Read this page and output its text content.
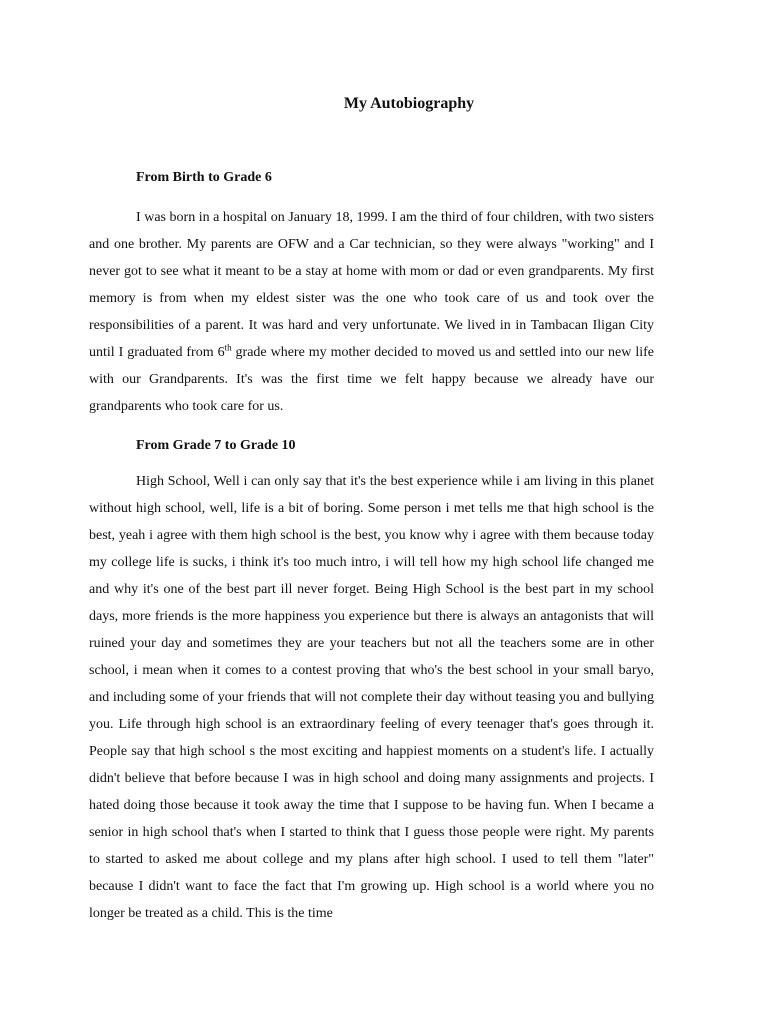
My Autobiography
From Birth to Grade 6

I was born in a hospital on January 18, 1999. I am the third of four children, with two sisters and one brother. My parents are OFW and a Car technician, so they were always "working" and I never got to see what it meant to be a stay at home with mom or dad or even grandparents. My first memory is from when my eldest sister was the one who took care of us and took over the responsibilities of a parent. It was hard and very unfortunate. We lived in in Tambacan Iligan City until I graduated from 6th grade where my mother decided to moved us and settled into our new life with our Grandparents. It's was the first time we felt happy because we already have our grandparents who took care for us.

From Grade 7 to Grade 10

High School, Well i can only say that it's the best experience while i am living in this planet without high school, well, life is a bit of boring. Some person i met tells me that high school is the best, yeah i agree with them high school is the best, you know why i agree with them because today my college life is sucks, i think it's too much intro, i will tell how my high school life changed me and why it's one of the best part ill never forget. Being High School is the best part in my school days, more friends is the more happiness you experience but there is always an antagonists that will ruined your day and sometimes they are your teachers but not all the teachers some are in other school, i mean when it comes to a contest proving that who's the best school in your small baryo, and including some of your friends that will not complete their day without teasing you and bullying you. Life through high school is an extraordinary feeling of every teenager that's goes through it. People say that high school s the most exciting and happiest moments on a student's life. I actually didn't believe that before because I was in high school and doing many assignments and projects. I hated doing those because it took away the time that I suppose to be having fun. When I became a senior in high school that's when I started to think that I guess those people were right. My parents to started to asked me about college and my plans after high school. I used to tell them "later" because I didn't want to face the fact that I'm growing up. High school is a world where you no longer be treated as a child. This is the time
